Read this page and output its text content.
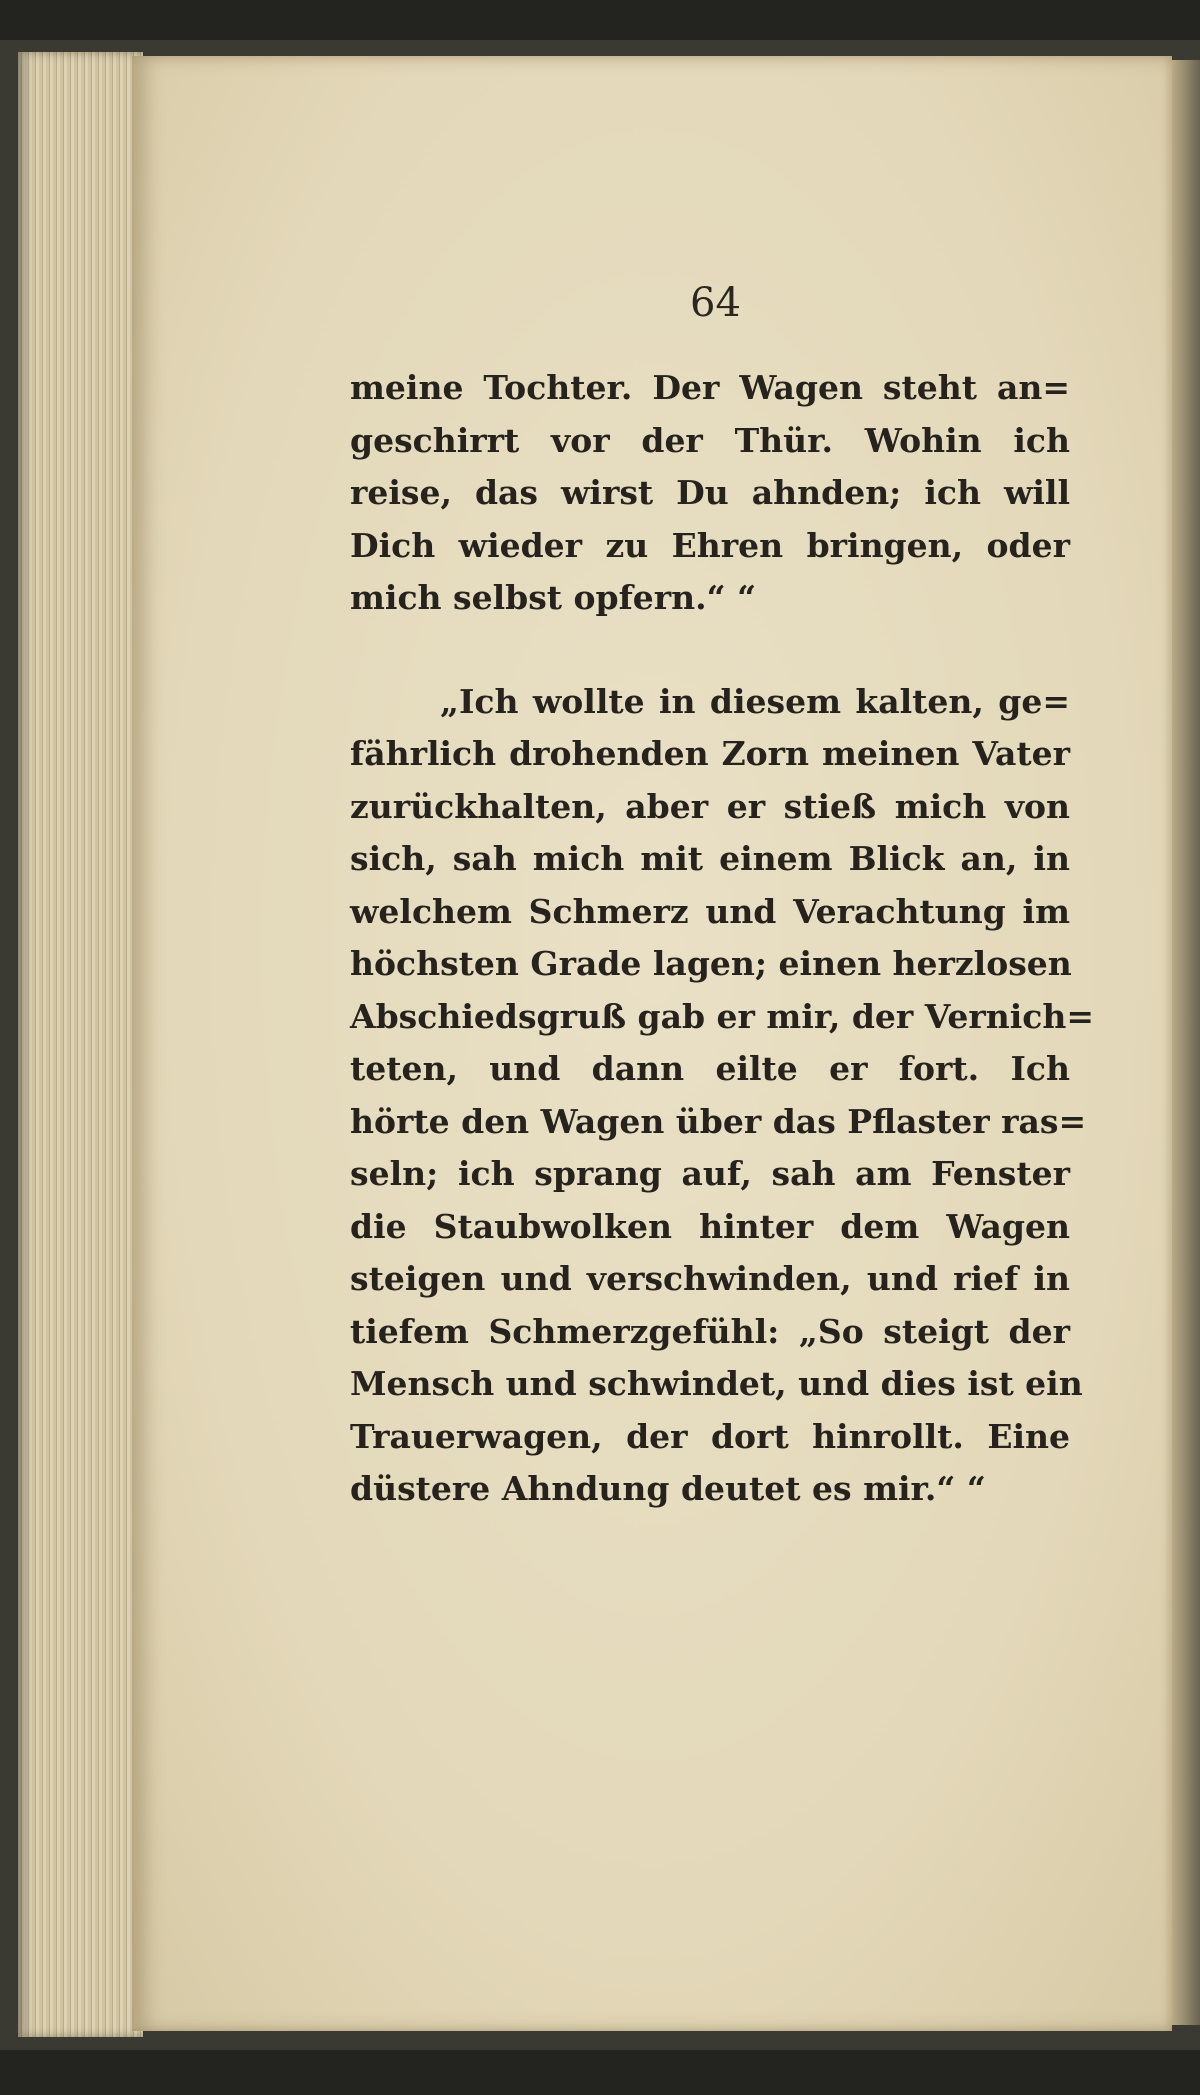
64
meine Tochter. Der Wagen steht an=
geschirrt vor der Thür. Wohin ich
reise, das wirst Du ahnden; ich will
Dich wieder zu Ehren bringen, oder
mich selbst opfern.“ “
„Ich wollte in diesem kalten, ge=
fährlich drohenden Zorn meinen Vater
zurückhalten, aber er stieß mich von
sich, sah mich mit einem Blick an, in
welchem Schmerz und Verachtung im
höchsten Grade lagen; einen herzlosen
Abschiedsgruß gab er mir, der Vernich=
teten, und dann eilte er fort. Ich
hörte den Wagen über das Pflaster ras=
seln; ich sprang auf, sah am Fenster
die Staubwolken hinter dem Wagen
steigen und verschwinden, und rief in
tiefem Schmerzgefühl: „So steigt der
Mensch und schwindet, und dies ist ein
Trauerwagen, der dort hinrollt. Eine
düstere Ahndung deutet es mir.“ “
